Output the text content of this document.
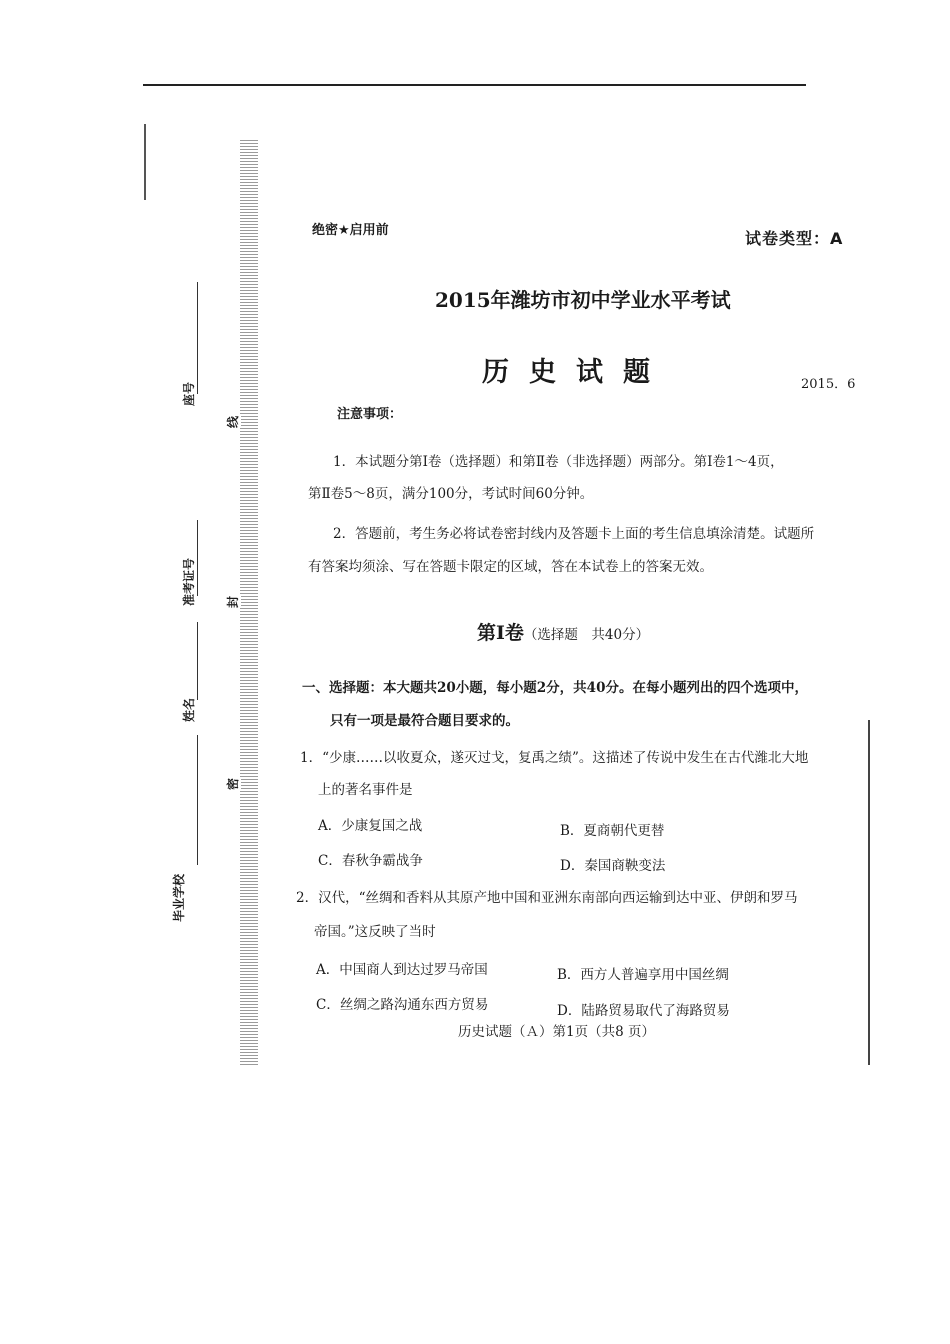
座号
准考证号
姓名
毕业学校
线
封
密
绝密★启用前	试卷类型：A
2015年潍坊市初中学业水平考试
历史试题	2015．6
注意事项：
1．本试题分第Ⅰ卷（选择题）和第Ⅱ卷（非选择题）两部分。第Ⅰ卷1～4页，
第Ⅱ卷5～8页，满分100分，考试时间60分钟。
2．答题前，考生务必将试卷密封线内及答题卡上面的考生信息填涂清楚。试题所
有答案均须涂、写在答题卡限定的区域，答在本试卷上的答案无效。
第Ⅰ卷（选择题　共40分）
一、选择题：本大题共20小题，每小题2分，共40分。在每小题列出的四个选项中，
只有一项是最符合题目要求的。
1．“少康……以收夏众，遂灭过戈，复禹之绩”。这描述了传说中发生在古代潍北大地
上的著名事件是
A．少康复国之战	B．夏商朝代更替
C．春秋争霸战争	D．秦国商鞅变法
2．汉代，“丝绸和香料从其原产地中国和亚洲东南部向西运输到达中亚、伊朗和罗马
帝国。”这反映了当时
A．中国商人到达过罗马帝国	B．西方人普遍享用中国丝绸
C．丝绸之路沟通东西方贸易	D．陆路贸易取代了海路贸易
历史试题（Ａ）第1页（共8 页）
